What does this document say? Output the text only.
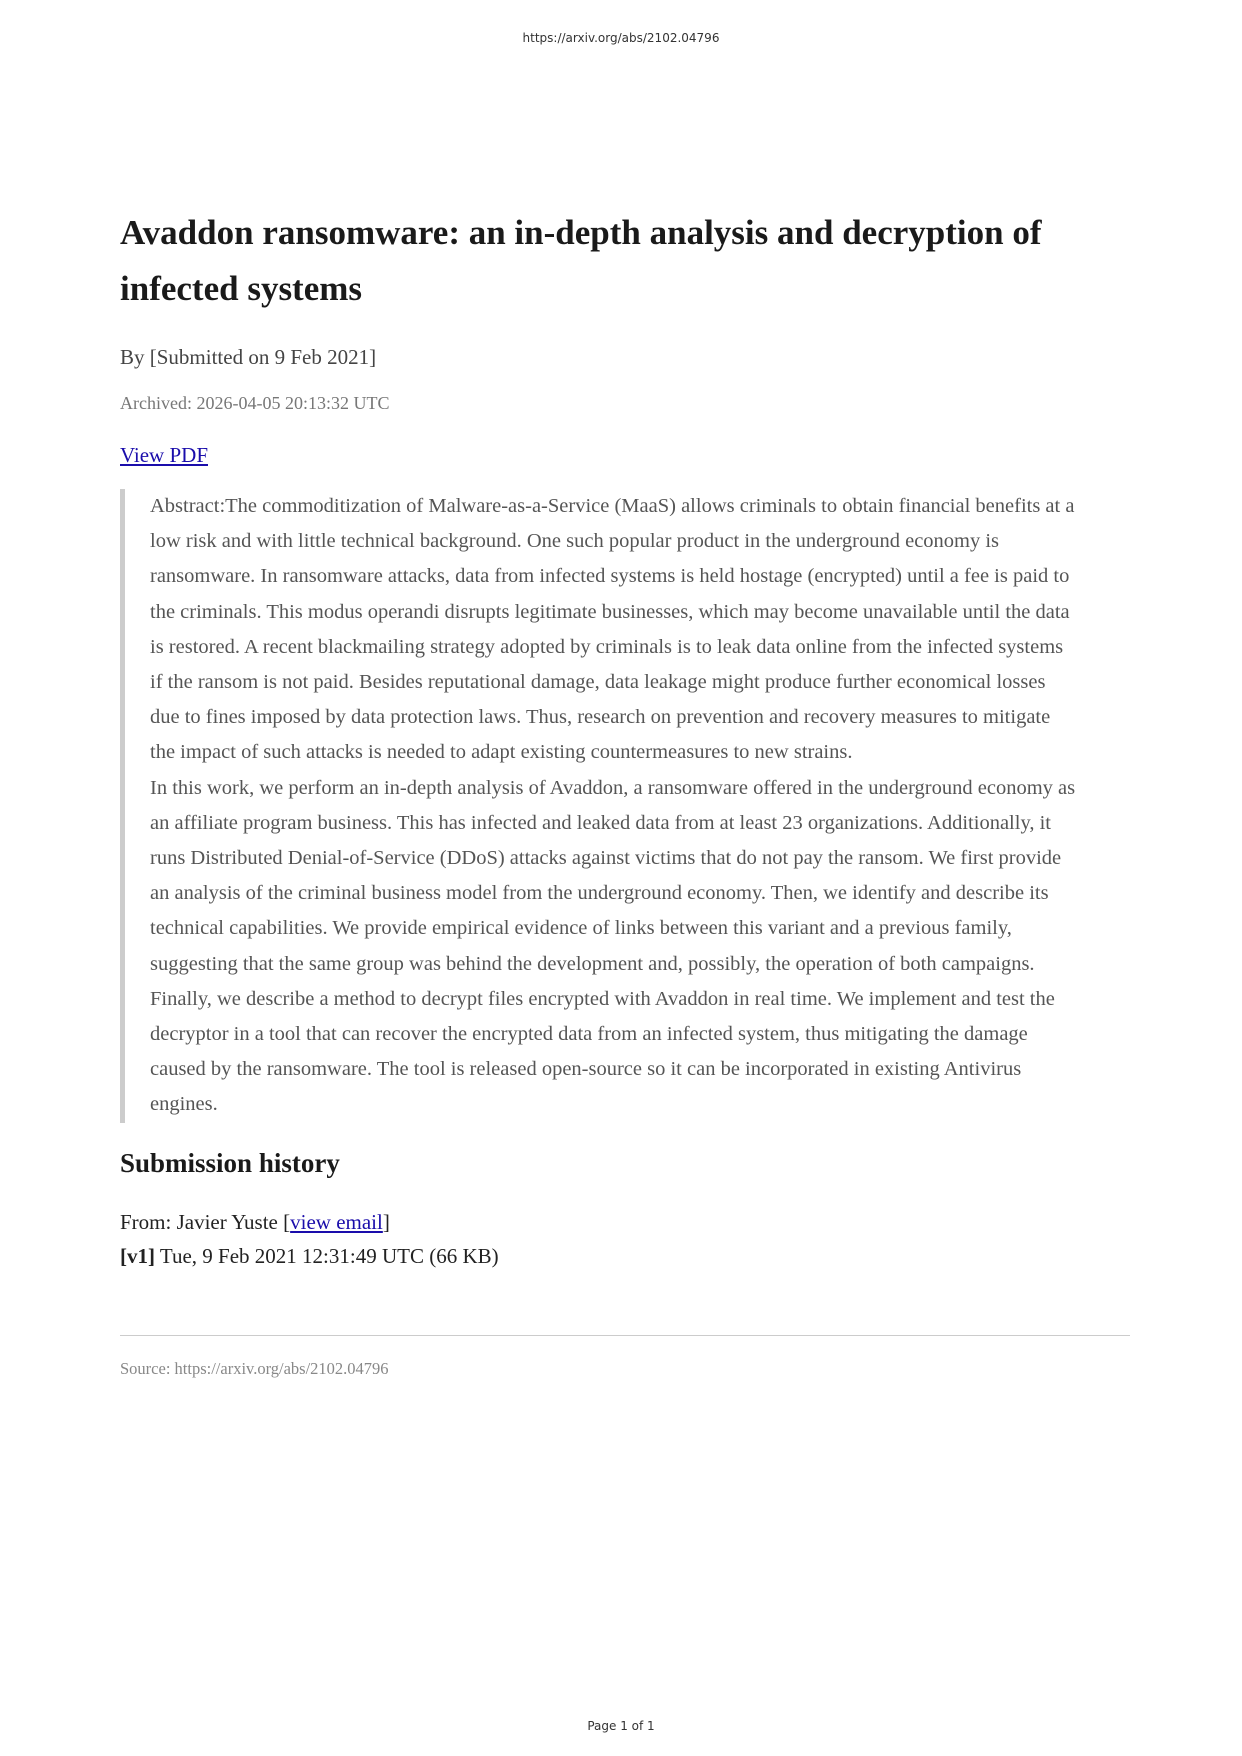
https://arxiv.org/abs/2102.04796
Avaddon ransomware: an in-depth analysis and decryption of infected systems
By [Submitted on 9 Feb 2021]
Archived: 2026-04-05 20:13:32 UTC
View PDF

Abstract:The commoditization of Malware-as-a-Service (MaaS) allows criminals to obtain financial benefits at a low risk and with little technical background. One such popular product in the underground economy is ransomware. In ransomware attacks, data from infected systems is held hostage (encrypted) until a fee is paid to the criminals. This modus operandi disrupts legitimate businesses, which may become unavailable until the data is restored. A recent blackmailing strategy adopted by criminals is to leak data online from the infected systems if the ransom is not paid. Besides reputational damage, data leakage might produce further economical losses due to fines imposed by data protection laws. Thus, research on prevention and recovery measures to mitigate the impact of such attacks is needed to adapt existing countermeasures to new strains.

In this work, we perform an in-depth analysis of Avaddon, a ransomware offered in the underground economy as an affiliate program business. This has infected and leaked data from at least 23 organizations. Additionally, it runs Distributed Denial-of-Service (DDoS) attacks against victims that do not pay the ransom. We first provide an analysis of the criminal business model from the underground economy. Then, we identify and describe its technical capabilities. We provide empirical evidence of links between this variant and a previous family, suggesting that the same group was behind the development and, possibly, the operation of both campaigns.

Finally, we describe a method to decrypt files encrypted with Avaddon in real time. We implement and test the decryptor in a tool that can recover the encrypted data from an infected system, thus mitigating the damage caused by the ransomware. The tool is released open-source so it can be incorporated in existing Antivirus engines.

Submission history
From: Javier Yuste [view email]
[v1] Tue, 9 Feb 2021 12:31:49 UTC (66 KB)
Source: https://arxiv.org/abs/2102.04796
Page 1 of 1
